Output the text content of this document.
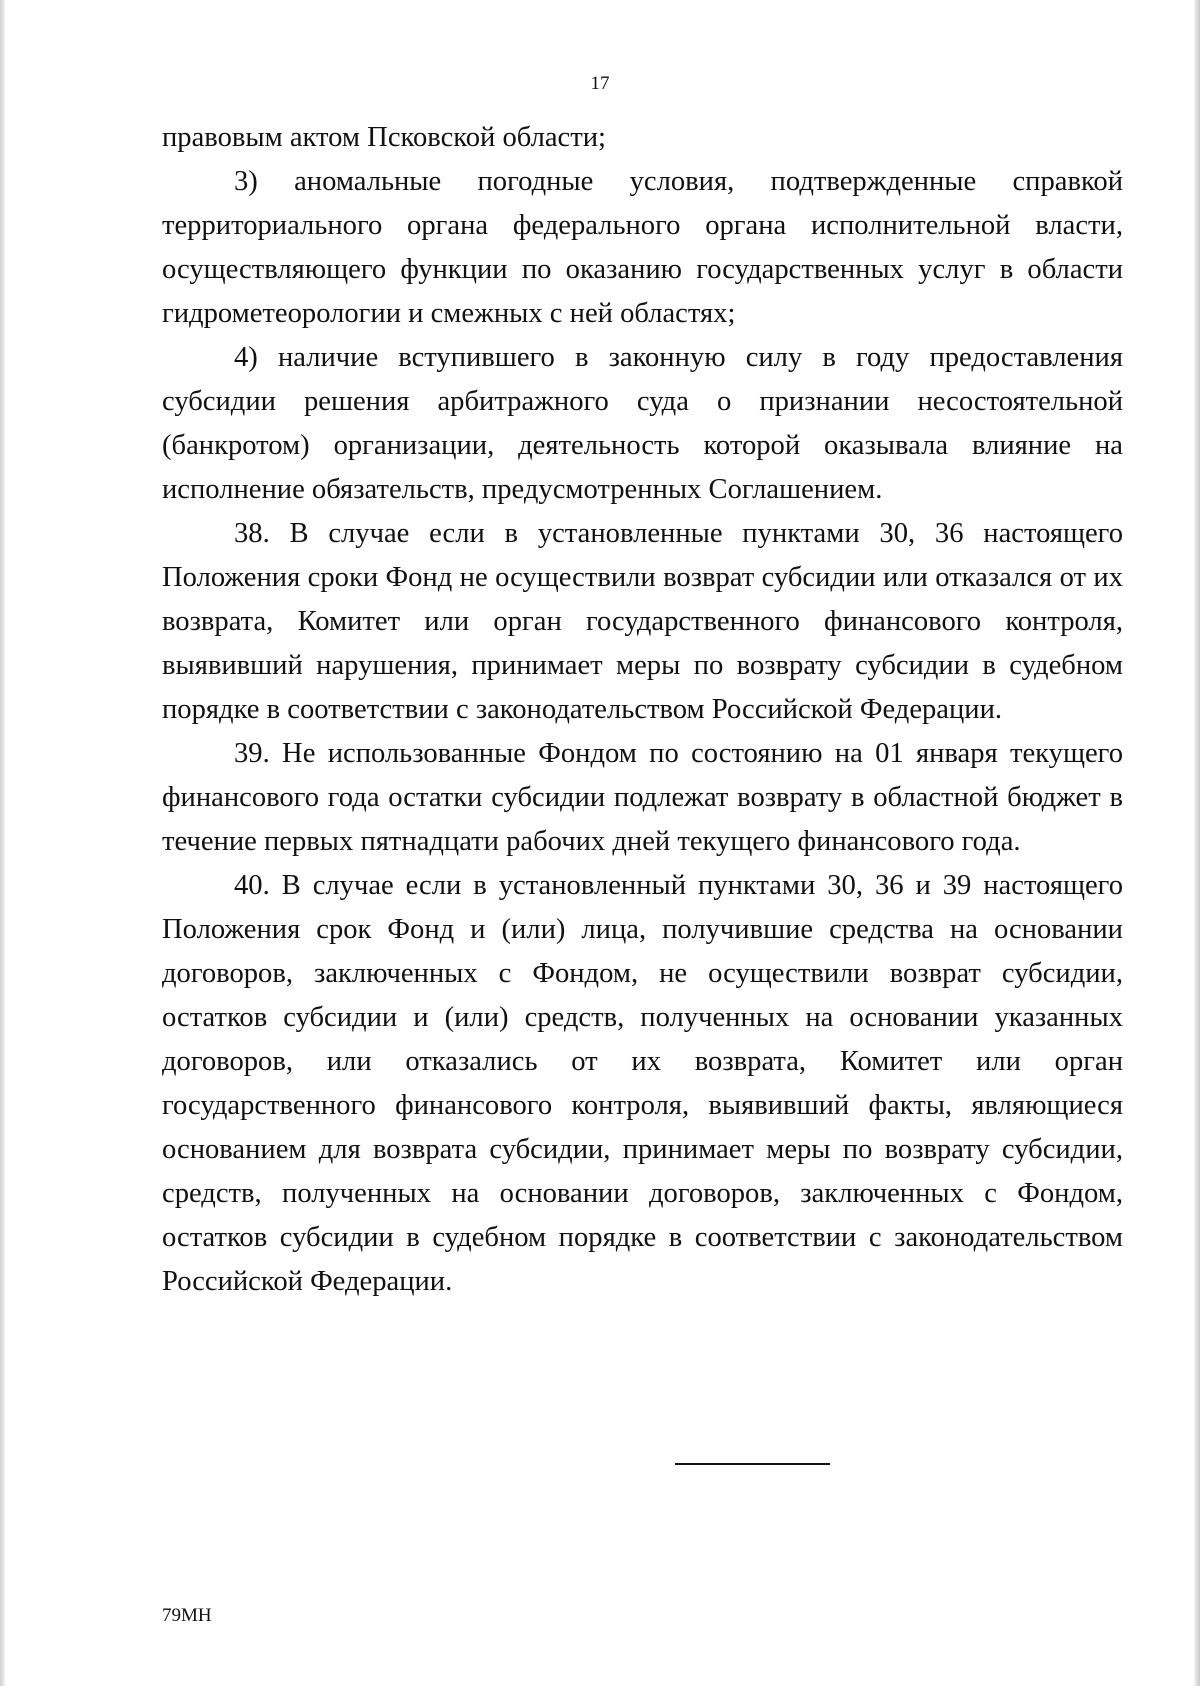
17

правовым актом Псковской области;

3) аномальные погодные условия, подтвержденные справкой территориального органа федерального органа исполнительной власти, осуществляющего функции по оказанию государственных услуг в области гидрометеорологии и смежных с ней областях;

4) наличие вступившего в законную силу в году предоставления субсидии решения арбитражного суда о признании несостоятельной (банкротом) организации, деятельность которой оказывала влияние на исполнение обязательств, предусмотренных Соглашением.

38. В случае если в установленные пунктами 30, 36 настоящего Положения сроки Фонд не осуществили возврат субсидии или отказался от их возврата, Комитет или орган государственного финансового контроля, выявивший нарушения, принимает меры по возврату субсидии в судебном порядке в соответствии с законодательством Российской Федерации.

39. Не использованные Фондом по состоянию на 01 января текущего финансового года остатки субсидии подлежат возврату в областной бюджет в течение первых пятнадцати рабочих дней текущего финансового года.

40. В случае если в установленный пунктами 30, 36 и 39 настоящего Положения срок Фонд и (или) лица, получившие средства на основании договоров, заключенных с Фондом, не осуществили возврат субсидии, остатков субсидии и (или) средств, полученных на основании указанных договоров, или отказались от их возврата, Комитет или орган государственного финансового контроля, выявивший факты, являющиеся основанием для возврата субсидии, принимает меры по возврату субсидии, средств, полученных на основании договоров, заключенных с Фондом, остатков субсидии в судебном порядке в соответствии с законодательством Российской Федерации.

79МН
